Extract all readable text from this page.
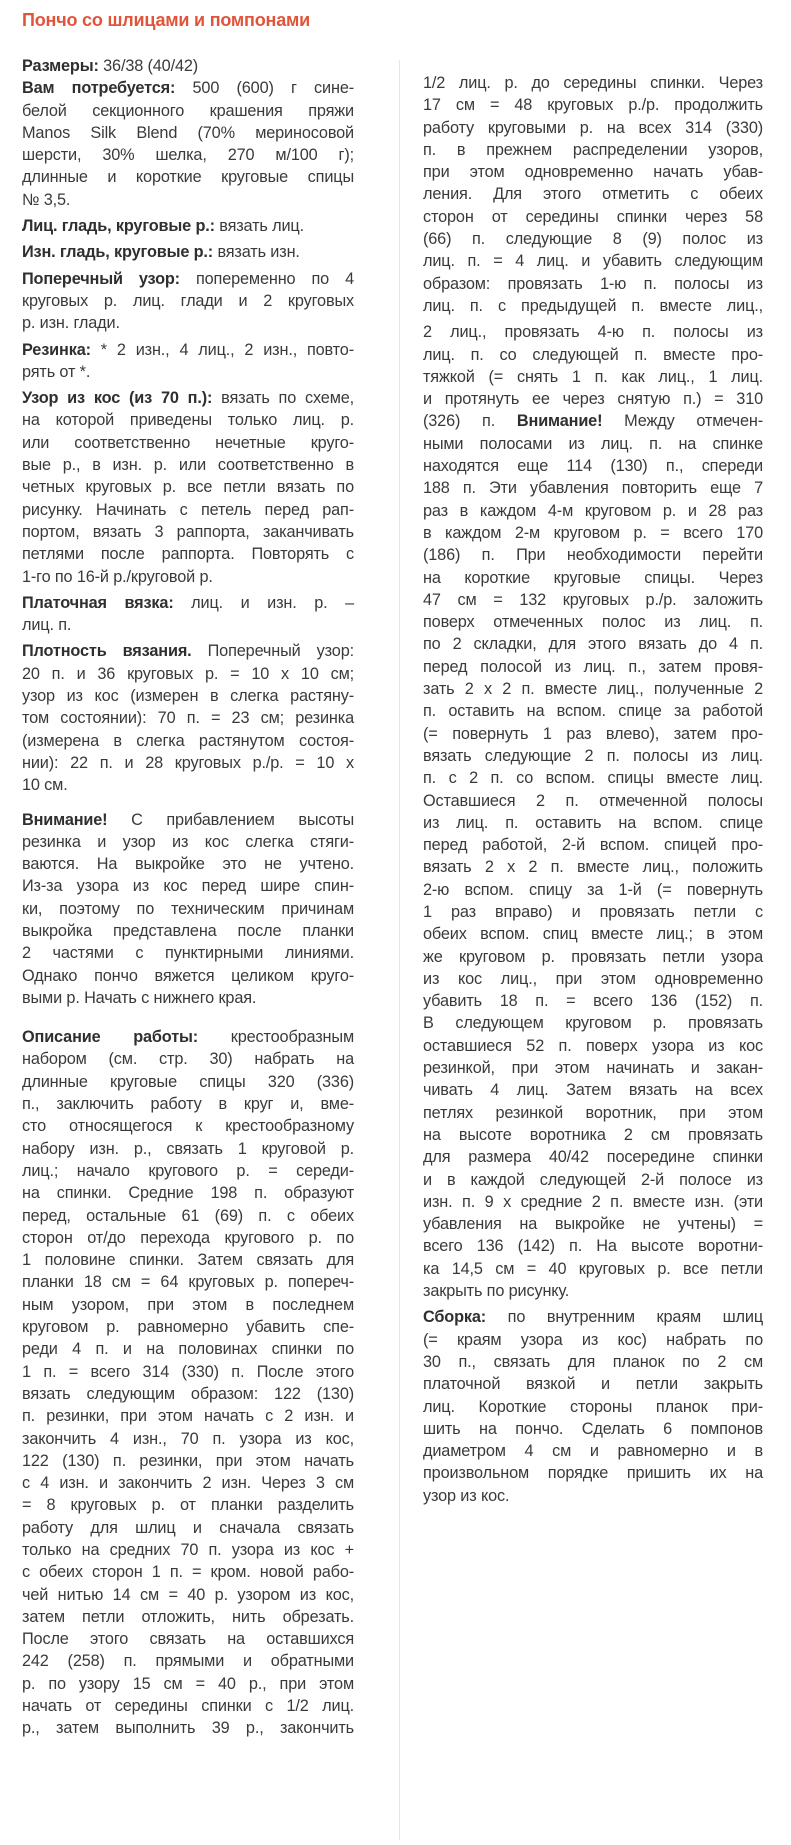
Пончо со шлицами и помпонами
Размеры: 36/38 (40/42)
Вам потребуется: 500 (600) г сине-
белой секционного крашения пряжи
Manos Silk Blend (70% мериносовой
шерсти, 30% шелка, 270 м/100 г);
длинные и короткие круговые спицы
№ 3,5.
Лиц. гладь, круговые р.: вязать лиц.
Изн. гладь, круговые р.: вязать изн.
Поперечный узор: попеременно по 4
круговых р. лиц. глади и 2 круговых
р. изн. глади.
Резинка: * 2 изн., 4 лиц., 2 изн., повто-
рять от *.
Узор из кос (из 70 п.): вязать по схеме,
на которой приведены только лиц. р.
или соответственно нечетные круго-
вые р., в изн. р. или соответственно в
четных круговых р. все петли вязать по
рисунку. Начинать с петель перед рап-
портом, вязать 3 раппорта, заканчивать
петлями после раппорта. Повторять с
1-го по 16-й р./круговой р.
Платочная вязка: лиц. и изн. р. –
лиц. п.
Плотность вязания. Поперечный узор:
20 п. и 36 круговых р. = 10 х 10 см;
узор из кос (измерен в слегка растяну-
том состоянии): 70 п. = 23 см; резинка
(измерена в слегка растянутом состоя-
нии): 22 п. и 28 круговых р./р. = 10 х
10 см.
Внимание! С прибавлением высоты
резинка и узор из кос слегка стяги-
ваются. На выкройке это не учтено.
Из-за узора из кос перед шире спин-
ки, поэтому по техническим причинам
выкройка представлена после планки
2 частями с пунктирными линиями.
Однако пончо вяжется целиком круго-
выми р. Начать с нижнего края.
Описание работы: крестообразным
набором (см. стр. 30) набрать на
длинные круговые спицы 320 (336)
п., заключить работу в круг и, вме-
сто относящегося к крестообразному
набору изн. р., связать 1 круговой р.
лиц.; начало кругового р. = середи-
на спинки. Средние 198 п. образуют
перед, остальные 61 (69) п. с обеих
сторон от/до перехода кругового р. по
1 половине спинки. Затем связать для
планки 18 см = 64 круговых р. попереч-
ным узором, при этом в последнем
круговом р. равномерно убавить спе-
реди 4 п. и на половинах спинки по
1 п. = всего 314 (330) п. После этого
вязать следующим образом: 122 (130)
п. резинки, при этом начать с 2 изн. и
закончить 4 изн., 70 п. узора из кос,
122 (130) п. резинки, при этом начать
с 4 изн. и закончить 2 изн. Через 3 см
= 8 круговых р. от планки разделить
работу для шлиц и сначала связать
только на средних 70 п. узора из кос +
с обеих сторон 1 п. = кром. новой рабо-
чей нитью 14 см = 40 р. узором из кос,
затем петли отложить, нить обрезать.
После этого связать на оставшихся
242 (258) п. прямыми и обратными
р. по узору 15 см = 40 р., при этом
начать от середины спинки с 1/2 лиц.
р., затем выполнить 39 р., закончить
1/2 лиц. р. до середины спинки. Через
17 см = 48 круговых р./р. продолжить
работу круговыми р. на всех 314 (330)
п. в прежнем распределении узоров,
при этом одновременно начать убав-
ления. Для этого отметить с обеих
сторон от середины спинки через 58
(66) п. следующие 8 (9) полос из
лиц. п. = 4 лиц. и убавить следующим
образом: провязать 1-ю п. полосы из
лиц. п. с предыдущей п. вместе лиц.,
2 лиц., провязать 4-ю п. полосы из
лиц. п. со следующей п. вместе про-
тяжкой (= снять 1 п. как лиц., 1 лиц.
и протянуть ее через снятую п.) = 310
(326) п. Внимание! Между отмечен-
ными полосами из лиц. п. на спинке
находятся еще 114 (130) п., спереди
188 п. Эти убавления повторить еще 7
раз в каждом 4-м круговом р. и 28 раз
в каждом 2-м круговом р. = всего 170
(186) п. При необходимости перейти
на короткие круговые спицы. Через
47 см = 132 круговых р./р. заложить
поверх отмеченных полос из лиц. п.
по 2 складки, для этого вязать до 4 п.
перед полосой из лиц. п., затем провя-
зать 2 х 2 п. вместе лиц., полученные 2
п. оставить на вспом. спице за работой
(= повернуть 1 раз влево), затем про-
вязать следующие 2 п. полосы из лиц.
п. с 2 п. со вспом. спицы вместе лиц.
Оставшиеся 2 п. отмеченной полосы
из лиц. п. оставить на вспом. спице
перед работой, 2-й вспом. спицей про-
вязать 2 х 2 п. вместе лиц., положить
2-ю вспом. спицу за 1-й (= повернуть
1 раз вправо) и провязать петли с
обеих вспом. спиц вместе лиц.; в этом
же круговом р. провязать петли узора
из кос лиц., при этом одновременно
убавить 18 п. = всего 136 (152) п.
В следующем круговом р. провязать
оставшиеся 52 п. поверх узора из кос
резинкой, при этом начинать и закан-
чивать 4 лиц. Затем вязать на всех
петлях резинкой воротник, при этом
на высоте воротника 2 см провязать
для размера 40/42 посередине спинки
и в каждой следующей 2-й полосе из
изн. п. 9 х средние 2 п. вместе изн. (эти
убавления на выкройке не учтены) =
всего 136 (142) п. На высоте воротни-
ка 14,5 см = 40 круговых р. все петли
закрыть по рисунку.
Сборка: по внутренним краям шлиц
(= краям узора из кос) набрать по
30 п., связать для планок по 2 см
платочной вязкой и петли закрыть
лиц. Короткие стороны планок при-
шить на пончо. Сделать 6 помпонов
диаметром 4 см и равномерно и в
произвольном порядке пришить их на
узор из кос.
